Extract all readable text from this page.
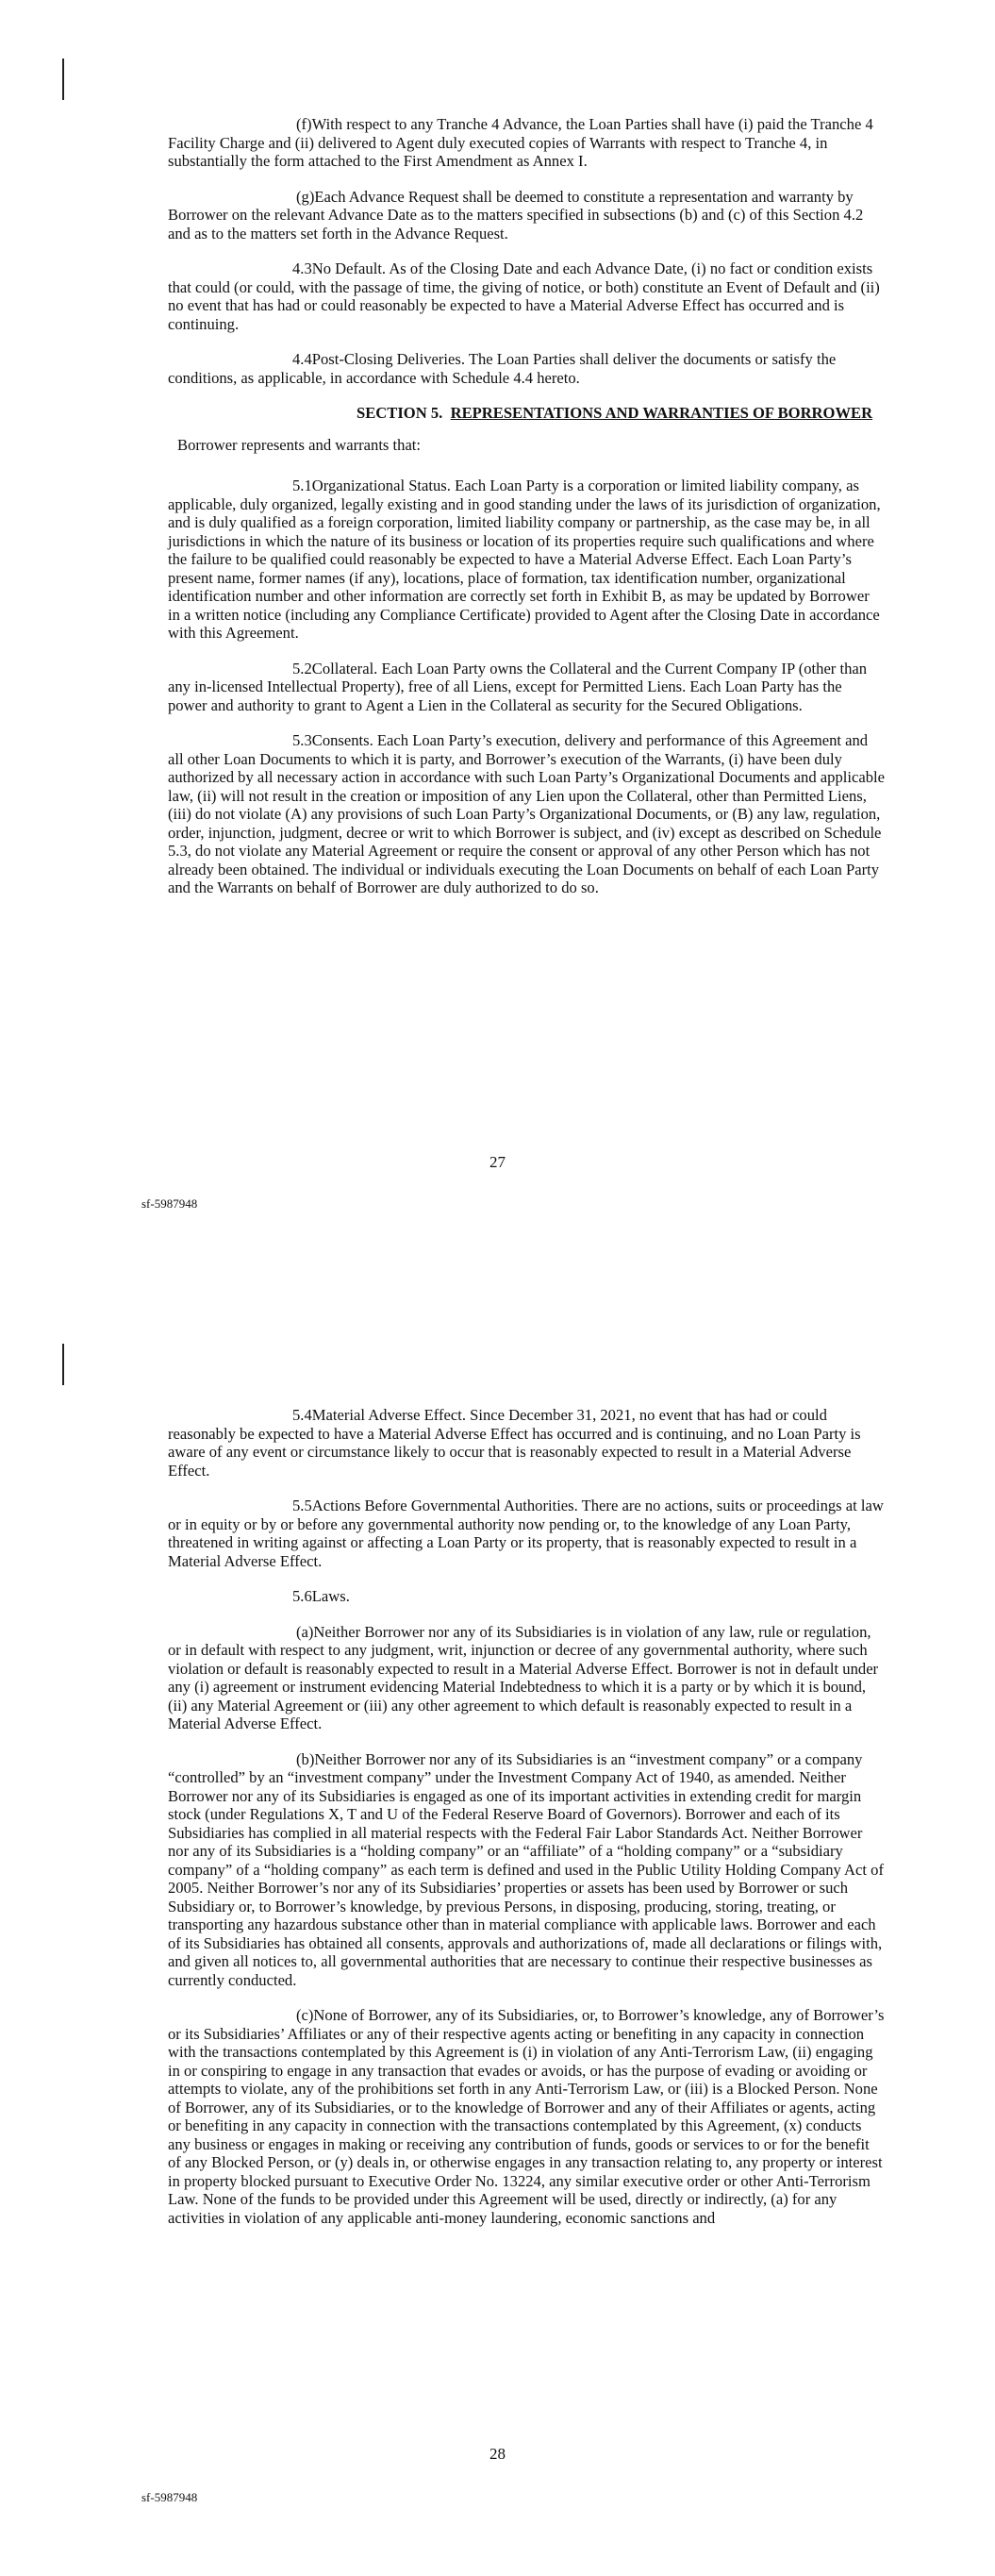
(f)With respect to any Tranche 4 Advance, the Loan Parties shall have (i) paid the Tranche 4 Facility Charge and (ii) delivered to Agent duly executed copies of Warrants with respect to Tranche 4, in substantially the form attached to the First Amendment as Annex I.

(g)Each Advance Request shall be deemed to constitute a representation and warranty by Borrower on the relevant Advance Date as to the matters specified in subsections (b) and (c) of this Section 4.2 and as to the matters set forth in the Advance Request.

4.3No Default. As of the Closing Date and each Advance Date, (i) no fact or condition exists that could (or could, with the passage of time, the giving of notice, or both) constitute an Event of Default and (ii) no event that has had or could reasonably be expected to have a Material Adverse Effect has occurred and is continuing.

4.4Post-Closing Deliveries. The Loan Parties shall deliver the documents or satisfy the conditions, as applicable, in accordance with Schedule 4.4 hereto.

SECTION 5. REPRESENTATIONS AND WARRANTIES OF BORROWER

Borrower represents and warrants that:

5.1Organizational Status. Each Loan Party is a corporation or limited liability company, as applicable, duly organized, legally existing and in good standing under the laws of its jurisdiction of organization, and is duly qualified as a foreign corporation, limited liability company or partnership, as the case may be, in all jurisdictions in which the nature of its business or location of its properties require such qualifications and where the failure to be qualified could reasonably be expected to have a Material Adverse Effect. Each Loan Party’s present name, former names (if any), locations, place of formation, tax identification number, organizational identification number and other information are correctly set forth in Exhibit B, as may be updated by Borrower in a written notice (including any Compliance Certificate) provided to Agent after the Closing Date in accordance with this Agreement.

5.2Collateral. Each Loan Party owns the Collateral and the Current Company IP (other than any in-licensed Intellectual Property), free of all Liens, except for Permitted Liens. Each Loan Party has the power and authority to grant to Agent a Lien in the Collateral as security for the Secured Obligations.

5.3Consents. Each Loan Party’s execution, delivery and performance of this Agreement and all other Loan Documents to which it is party, and Borrower’s execution of the Warrants, (i) have been duly authorized by all necessary action in accordance with such Loan Party’s Organizational Documents and applicable law, (ii) will not result in the creation or imposition of any Lien upon the Collateral, other than Permitted Liens, (iii) do not violate (A) any provisions of such Loan Party’s Organizational Documents, or (B) any law, regulation, order, injunction, judgment, decree or writ to which Borrower is subject, and (iv) except as described on Schedule 5.3, do not violate any Material Agreement or require the consent or approval of any other Person which has not already been obtained. The individual or individuals executing the Loan Documents on behalf of each Loan Party and the Warrants on behalf of Borrower are duly authorized to do so.

27
sf-5987948

5.4Material Adverse Effect. Since December 31, 2021, no event that has had or could reasonably be expected to have a Material Adverse Effect has occurred and is continuing, and no Loan Party is aware of any event or circumstance likely to occur that is reasonably expected to result in a Material Adverse Effect.

5.5Actions Before Governmental Authorities. There are no actions, suits or proceedings at law or in equity or by or before any governmental authority now pending or, to the knowledge of any Loan Party, threatened in writing against or affecting a Loan Party or its property, that is reasonably expected to result in a Material Adverse Effect.

5.6Laws.

(a)Neither Borrower nor any of its Subsidiaries is in violation of any law, rule or regulation, or in default with respect to any judgment, writ, injunction or decree of any governmental authority, where such violation or default is reasonably expected to result in a Material Adverse Effect. Borrower is not in default under any (i) agreement or instrument evidencing Material Indebtedness to which it is a party or by which it is bound, (ii) any Material Agreement or (iii) any other agreement to which default is reasonably expected to result in a Material Adverse Effect.

(b)Neither Borrower nor any of its Subsidiaries is an “investment company” or a company “controlled” by an “investment company” under the Investment Company Act of 1940, as amended. Neither Borrower nor any of its Subsidiaries is engaged as one of its important activities in extending credit for margin stock (under Regulations X, T and U of the Federal Reserve Board of Governors). Borrower and each of its Subsidiaries has complied in all material respects with the Federal Fair Labor Standards Act. Neither Borrower nor any of its Subsidiaries is a “holding company” or an “affiliate” of a “holding company” or a “subsidiary company” of a “holding company” as each term is defined and used in the Public Utility Holding Company Act of 2005. Neither Borrower’s nor any of its Subsidiaries’ properties or assets has been used by Borrower or such Subsidiary or, to Borrower’s knowledge, by previous Persons, in disposing, producing, storing, treating, or transporting any hazardous substance other than in material compliance with applicable laws. Borrower and each of its Subsidiaries has obtained all consents, approvals and authorizations of, made all declarations or filings with, and given all notices to, all governmental authorities that are necessary to continue their respective businesses as currently conducted.

(c)None of Borrower, any of its Subsidiaries, or, to Borrower’s knowledge, any of Borrower’s or its Subsidiaries’ Affiliates or any of their respective agents acting or benefiting in any capacity in connection with the transactions contemplated by this Agreement is (i) in violation of any Anti-Terrorism Law, (ii) engaging in or conspiring to engage in any transaction that evades or avoids, or has the purpose of evading or avoiding or attempts to violate, any of the prohibitions set forth in any Anti-Terrorism Law, or (iii) is a Blocked Person. None of Borrower, any of its Subsidiaries, or to the knowledge of Borrower and any of their Affiliates or agents, acting or benefiting in any capacity in connection with the transactions contemplated by this Agreement, (x) conducts any business or engages in making or receiving any contribution of funds, goods or services to or for the benefit of any Blocked Person, or (y) deals in, or otherwise engages in any transaction relating to, any property or interest in property blocked pursuant to Executive Order No. 13224, any similar executive order or other Anti-Terrorism Law. None of the funds to be provided under this Agreement will be used, directly or indirectly, (a) for any activities in violation of any applicable anti-money laundering, economic sanctions and

28
sf-5987948
